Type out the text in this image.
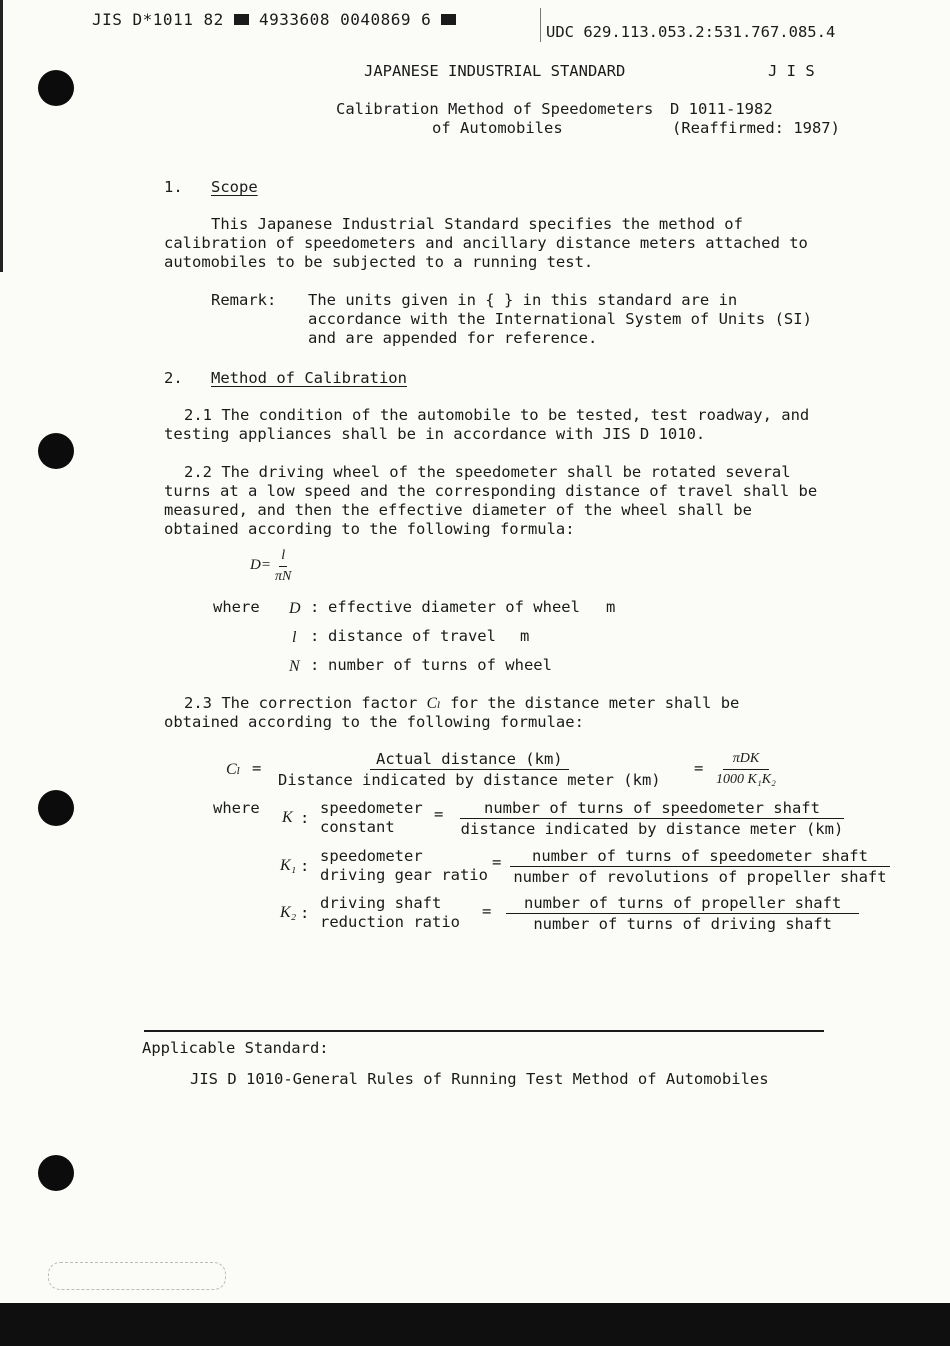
JIS D*1011 82 4933608 0040869 6
UDC 629.113.053.2:531.767.085.4
JAPANESE INDUSTRIAL STANDARD	J I S
Calibration Method of Speedometers D 1011-1982
of Automobiles	(Reaffirmed: 1987)
1. Scope
This Japanese Industrial Standard specifies the method of
calibration of speedometers and ancillary distance meters attached to
automobiles to be subjected to a running test.
Remark: The units given in { } in this standard are in
accordance with the International System of Units (SI)
and are appended for reference.
2. Method of Calibration
2.1 The condition of the automobile to be tested, test roadway, and
testing appliances shall be in accordance with JIS D 1010.
2.2 The driving wheel of the speedometer shall be rotated several
turns at a low speed and the corresponding distance of travel shall be
measured, and then the effective diameter of the wheel shall be
obtained according to the following formula:
$D= \frac{l}{\pi N}$
where D : effective diameter of wheel m
l : distance of travel m
N : number of turns of wheel
2.3 The correction factor Cₗ for the distance meter shall be
obtained according to the following formulae:
Cₗ =	Actual distance (km)
Distance indicated by distance meter (km)
=
πDK
1000 K₁K₂
where
K :
speedometer
constant
=	number of turns of speedometer shaft
distance indicated by distance meter (km)
K₁ :
speedometer
driving gear ratio
=	number of turns of speedometer shaft
number of revolutions of propeller shaft
K₂ :
driving shaft
reduction ratio
=	number of turns of propeller shaft
number of turns of driving shaft
Applicable Standard:
JIS D 1010-General Rules of Running Test Method of Automobiles
